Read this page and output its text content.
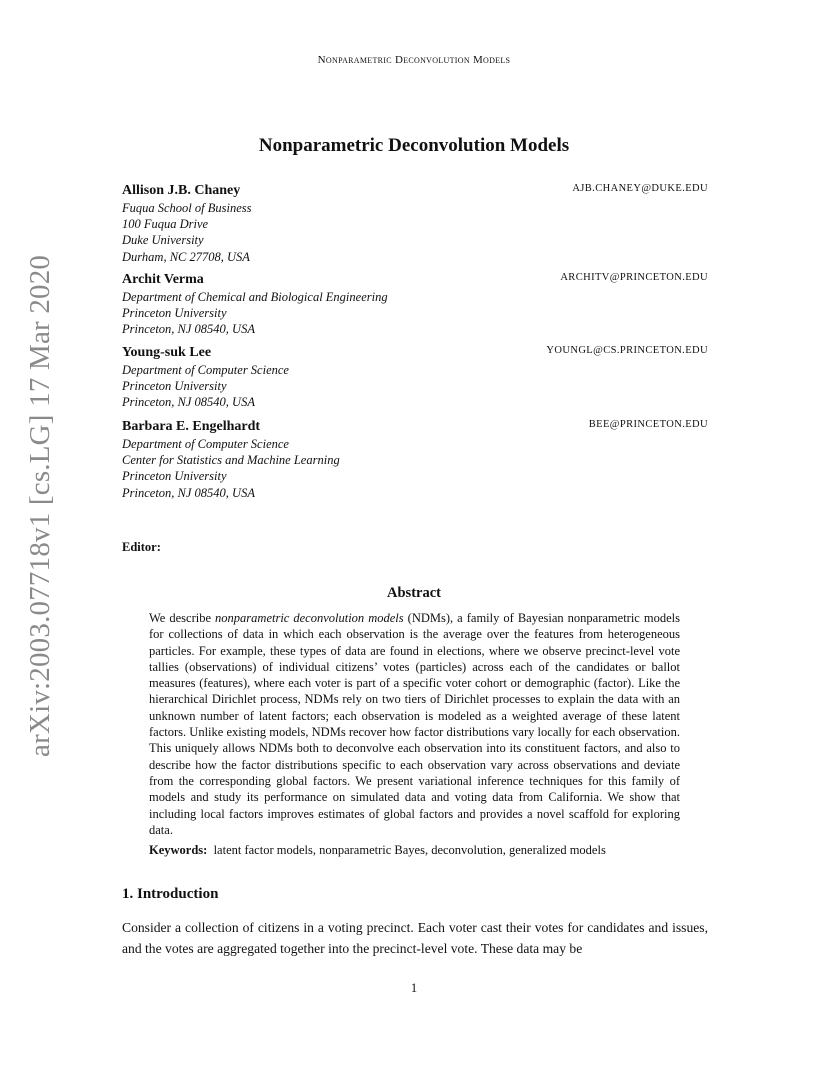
Nonparametric Deconvolution Models
arXiv:2003.07718v1 [cs.LG] 17 Mar 2020
Nonparametric Deconvolution Models
Allison J.B. Chaney	AJB.CHANEY@DUKE.EDU
Fuqua School of Business
100 Fuqua Drive
Duke University
Durham, NC 27708, USA
Archit Verma	ARCHITV@PRINCETON.EDU
Department of Chemical and Biological Engineering
Princeton University
Princeton, NJ 08540, USA
Young-suk Lee	YOUNGL@CS.PRINCETON.EDU
Department of Computer Science
Princeton University
Princeton, NJ 08540, USA
Barbara E. Engelhardt	BEE@PRINCETON.EDU
Department of Computer Science
Center for Statistics and Machine Learning
Princeton University
Princeton, NJ 08540, USA
Editor:
Abstract
We describe nonparametric deconvolution models (NDMs), a family of Bayesian nonparametric models for collections of data in which each observation is the average over the features from heterogeneous particles. For example, these types of data are found in elections, where we observe precinct-level vote tallies (observations) of individual citizens’ votes (particles) across each of the candidates or ballot measures (features), where each voter is part of a specific voter cohort or demographic (factor). Like the hierarchical Dirichlet process, NDMs rely on two tiers of Dirichlet processes to explain the data with an unknown number of latent factors; each observation is modeled as a weighted average of these latent factors. Unlike existing models, NDMs recover how factor distributions vary locally for each observation. This uniquely allows NDMs both to deconvolve each observation into its constituent factors, and also to describe how the factor distributions specific to each observation vary across observations and deviate from the corresponding global factors. We present variational inference techniques for this family of models and study its performance on simulated data and voting data from California. We show that including local factors improves estimates of global factors and provides a novel scaffold for exploring data.
Keywords: latent factor models, nonparametric Bayes, deconvolution, generalized models
1. Introduction
Consider a collection of citizens in a voting precinct. Each voter cast their votes for candidates and issues, and the votes are aggregated together into the precinct-level vote. These data may be
1
